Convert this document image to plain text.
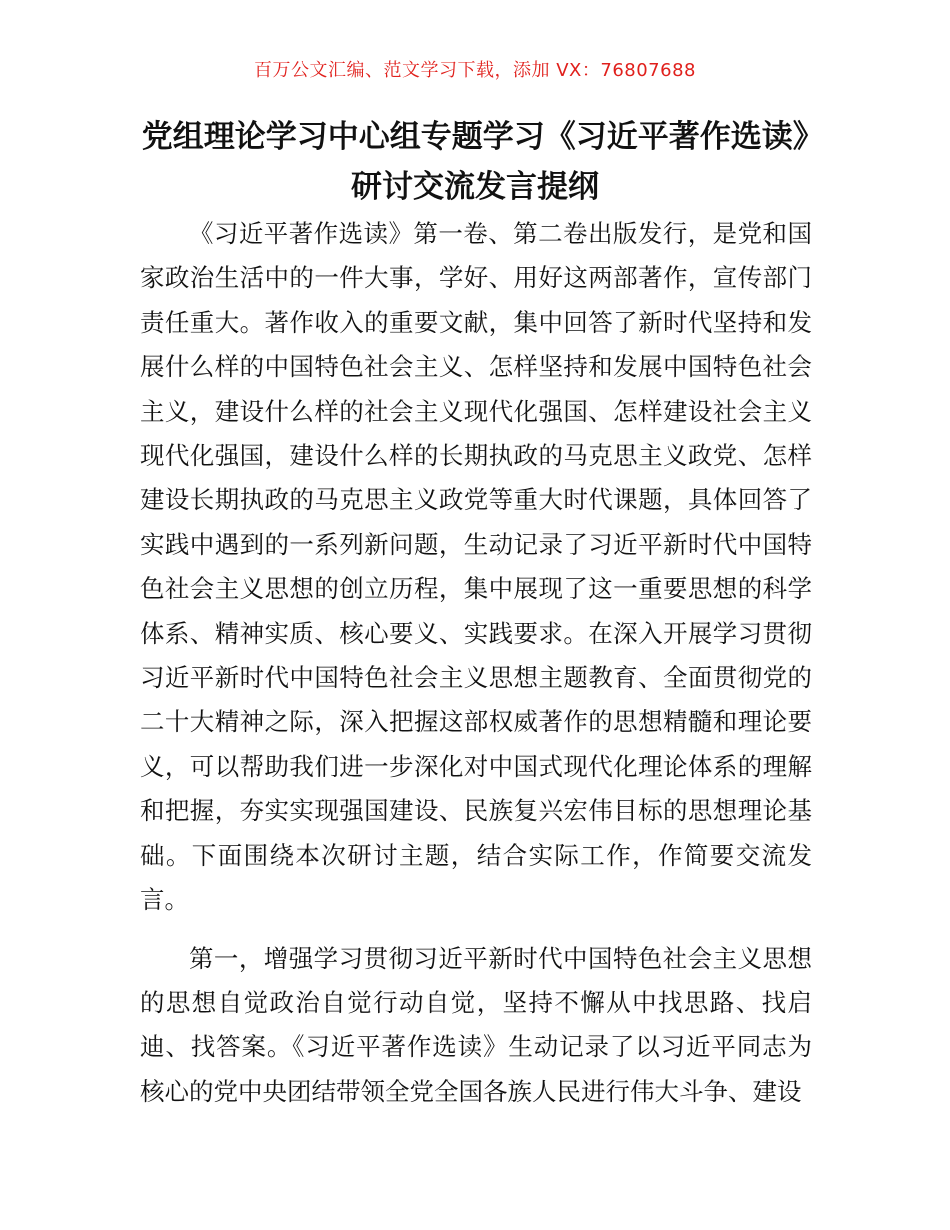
百万公文汇编、范文学习下载，添加 VX：76807688
党组理论学习中心组专题学习《习近平著作选读》研讨交流发言提纲

《习近平著作选读》第一卷、第二卷出版发行，是党和国家政治生活中的一件大事，学好、用好这两部著作，宣传部门责任重大。著作收入的重要文献，集中回答了新时代坚持和发展什么样的中国特色社会主义、怎样坚持和发展中国特色社会主义，建设什么样的社会主义现代化强国、怎样建设社会主义现代化强国，建设什么样的长期执政的马克思主义政党、怎样建设长期执政的马克思主义政党等重大时代课题，具体回答了实践中遇到的一系列新问题，生动记录了习近平新时代中国特色社会主义思想的创立历程，集中展现了这一重要思想的科学体系、精神实质、核心要义、实践要求。在深入开展学习贯彻习近平新时代中国特色社会主义思想主题教育、全面贯彻党的二十大精神之际，深入把握这部权威著作的思想精髓和理论要义，可以帮助我们进一步深化对中国式现代化理论体系的理解和把握，夯实实现强国建设、民族复兴宏伟目标的思想理论基础。下面围绕本次研讨主题，结合实际工作，作简要交流发言。

第一，增强学习贯彻习近平新时代中国特色社会主义思想的思想自觉政治自觉行动自觉，坚持不懈从中找思路、找启迪、找答案。《习近平著作选读》生动记录了以习近平同志为核心的党中央团结带领全党全国各族人民进行伟大斗争、建设
